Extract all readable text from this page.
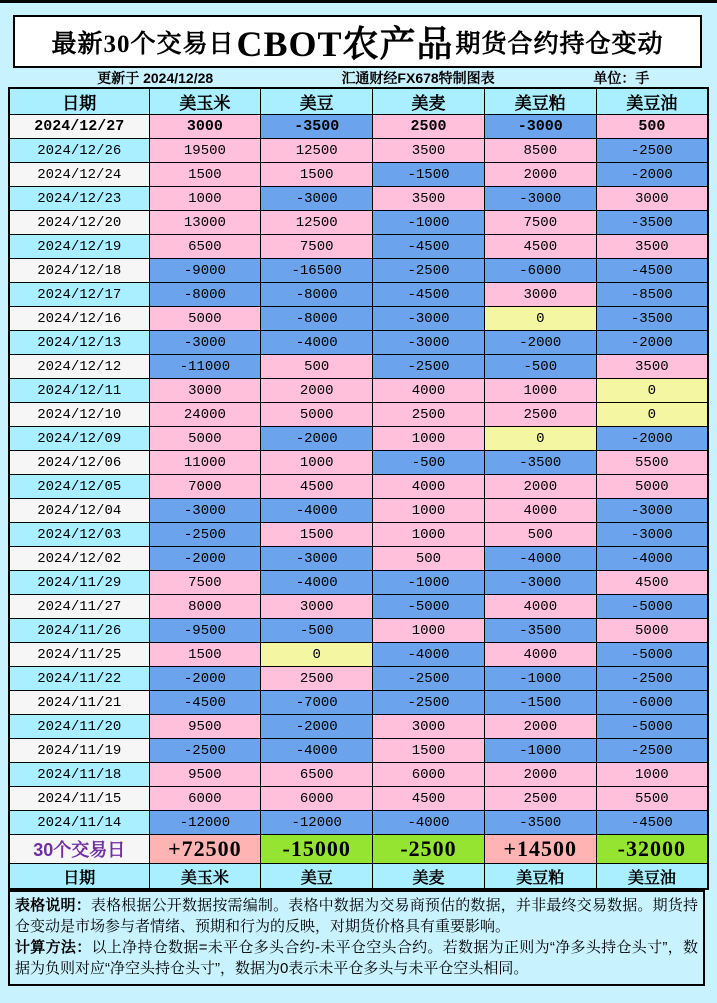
最新30个交易日 CBOT农产品 期货合约持仓变动
更新于 2024/12/28	汇通财经FX678特制图表	单位：手
日期	美玉米	美豆	美麦	美豆粕	美豆油
2024/12/27	3000	-3500	2500	-3000	500
2024/12/26	19500	12500	3500	8500	-2500
2024/12/24	1500	1500	-1500	2000	-2000
2024/12/23	1000	-3000	3500	-3000	3000
2024/12/20	13000	12500	-1000	7500	-3500
2024/12/19	6500	7500	-4500	4500	3500
2024/12/18	-9000	-16500	-2500	-6000	-4500
2024/12/17	-8000	-8000	-4500	3000	-8500
2024/12/16	5000	-8000	-3000	0	-3500
2024/12/13	-3000	-4000	-3000	-2000	-2000
2024/12/12	-11000	500	-2500	-500	3500
2024/12/11	3000	2000	4000	1000	0
2024/12/10	24000	5000	2500	2500	0
2024/12/09	5000	-2000	1000	0	-2000
2024/12/06	11000	1000	-500	-3500	5500
2024/12/05	7000	4500	4000	2000	5000
2024/12/04	-3000	-4000	1000	4000	-3000
2024/12/03	-2500	1500	1000	500	-3000
2024/12/02	-2000	-3000	500	-4000	-4000
2024/11/29	7500	-4000	-1000	-3000	4500
2024/11/27	8000	3000	-5000	4000	-5000
2024/11/26	-9500	-500	1000	-3500	5000
2024/11/25	1500	0	-4000	4000	-5000
2024/11/22	-2000	2500	-2500	-1000	-2500
2024/11/21	-4500	-7000	-2500	-1500	-6000
2024/11/20	9500	-2000	3000	2000	-5000
2024/11/19	-2500	-4000	1500	-1000	-2500
2024/11/18	9500	6500	6000	2000	1000
2024/11/15	6000	6000	4500	2500	5500
2024/11/14	-12000	-12000	-4000	-3500	-4500
30个交易日	+72500	-15000	-2500	+14500	-32000
日期	美玉米	美豆	美麦	美豆粕	美豆油
表格说明：表格根据公开数据按需编制。表格中数据为交易商预估的数据，并非最终交易数据。期货持仓变动是市场参与者情绪、预期和行为的反映，对期货价格具有重要影响。
计算方法：以上净持仓数据=未平仓多头合约-未平仓空头合约。若数据为正则为“净多头持仓头寸”，数据为负则对应“净空头持仓头寸”，数据为0表示未平仓多头与未平仓空头相同。
